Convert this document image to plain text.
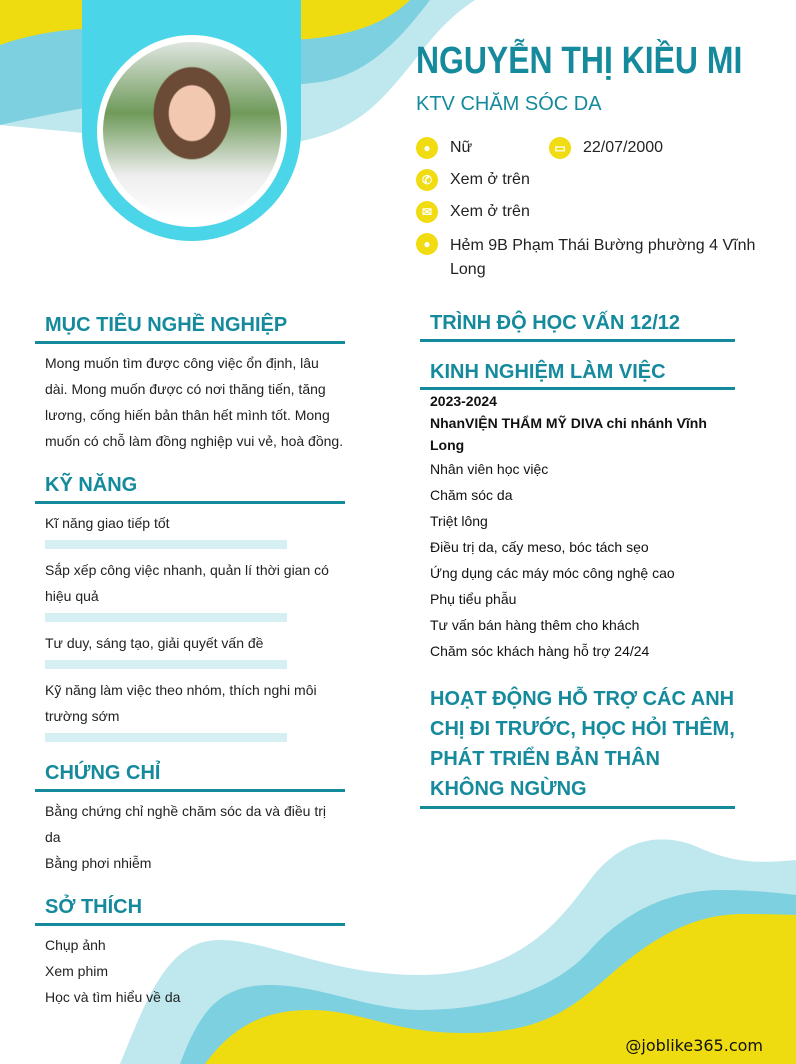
NGUYỄN THỊ KIỀU MI
KTV CHĂM SÓC DA
●	Nữ	▭	22/07/2000
✆	Xem ở trên
✉	Xem ở trên
●	Hẻm 9B Phạm Thái Bường phường 4 Vĩnh Long
MỤC TIÊU NGHỀ NGHIỆP
Mong muốn tìm được công việc ổn định, lâu dài. Mong muốn được có nơi thăng tiến, tăng lương, cống hiến bản thân hết mình tốt. Mong muốn có chỗ làm đồng nghiệp vui vẻ, hoà đồng.
KỸ NĂNG
Kĩ năng giao tiếp tốt
Sắp xếp công việc nhanh, quản lí thời gian có hiệu quả
Tư duy, sáng tạo, giải quyết vấn đề
Kỹ năng làm việc theo nhóm, thích nghi môi trường sớm
CHỨNG CHỈ
Bằng chứng chỉ nghề chăm sóc da và điều trị da
Bằng phơi nhiễm
SỞ THÍCH
Chụp ảnh
Xem phim
Học và tìm hiểu về da
TRÌNH ĐỘ HỌC VẤN 12/12
KINH NGHIỆM LÀM VIỆC
2023-2024
NhanVIỆN THẨM MỸ DIVA chi nhánh Vĩnh Long
Nhân viên học việc
Chăm sóc da
Triệt lông
Điều trị da, cấy meso, bóc tách sẹo
Ứng dụng các máy móc công nghệ cao
Phụ tiểu phẫu
Tư vấn bán hàng thêm cho khách
Chăm sóc khách hàng hỗ trợ 24/24
HOẠT ĐỘNG HỖ TRỢ CÁC ANH CHỊ ĐI TRƯỚC, HỌC HỎI THÊM, PHÁT TRIỂN BẢN THÂN KHÔNG NGỪNG
@joblike365.com
